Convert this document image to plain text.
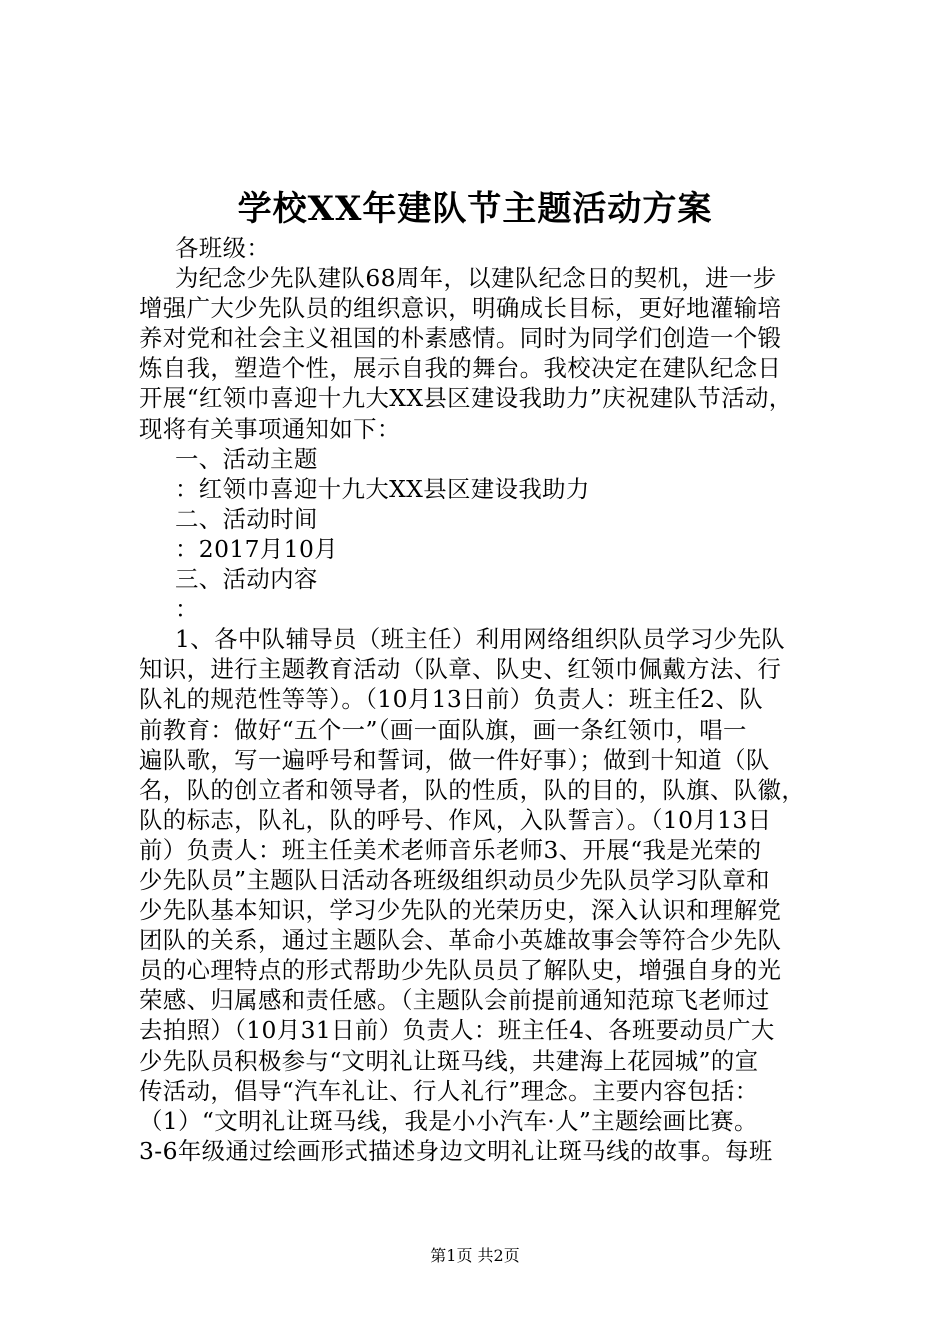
学校XX年建队节主题活动方案

各班级：

为纪念少先队建队68周年，以建队纪念日的契机，进一步

增强广大少先队员的组织意识，明确成长目标，更好地灌输培

养对党和社会主义祖国的朴素感情。同时为同学们创造一个锻

炼自我，塑造个性，展示自我的舞台。我校决定在建队纪念日

开展“红领巾喜迎十九大XX县区建设我助力”庆祝建队节活动，

现将有关事项通知如下：

一、活动主题

：红领巾喜迎十九大XX县区建设我助力

二、活动时间

：2017月10月

三、活动内容

：

1、各中队辅导员（班主任）利用网络组织队员学习少先队

知识，进行主题教育活动（队章、队史、红领巾佩戴方法、行

队礼的规范性等等）。（10月13日前）负责人：班主任2、队

前教育：做好“五个一”（画一面队旗，画一条红领巾，唱一

遍队歌，写一遍呼号和誓词，做一件好事）；做到十知道（队

名，队的创立者和领导者，队的性质，队的目的，队旗、队徽，

队的标志，队礼，队的呼号、作风，入队誓言）。（10月13日

前）负责人：班主任美术老师音乐老师3、开展“我是光荣的

少先队员”主题队日活动各班级组织动员少先队员学习队章和

少先队基本知识，学习少先队的光荣历史，深入认识和理解党

团队的关系，通过主题队会、革命小英雄故事会等符合少先队

员的心理特点的形式帮助少先队员员了解队史，增强自身的光

荣感、归属感和责任感。（主题队会前提前通知范琼飞老师过

去拍照）（10月31日前）负责人：班主任4、各班要动员广大

少先队员积极参与“文明礼让斑马线，共建海上花园城”的宣

传活动，倡导“汽车礼让、行人礼行”理念。主要内容包括：

（1）“文明礼让斑马线，我是小小汽车·人”主题绘画比赛。

3-6年级通过绘画形式描述身边文明礼让斑马线的故事。每班

第1页 共2页
